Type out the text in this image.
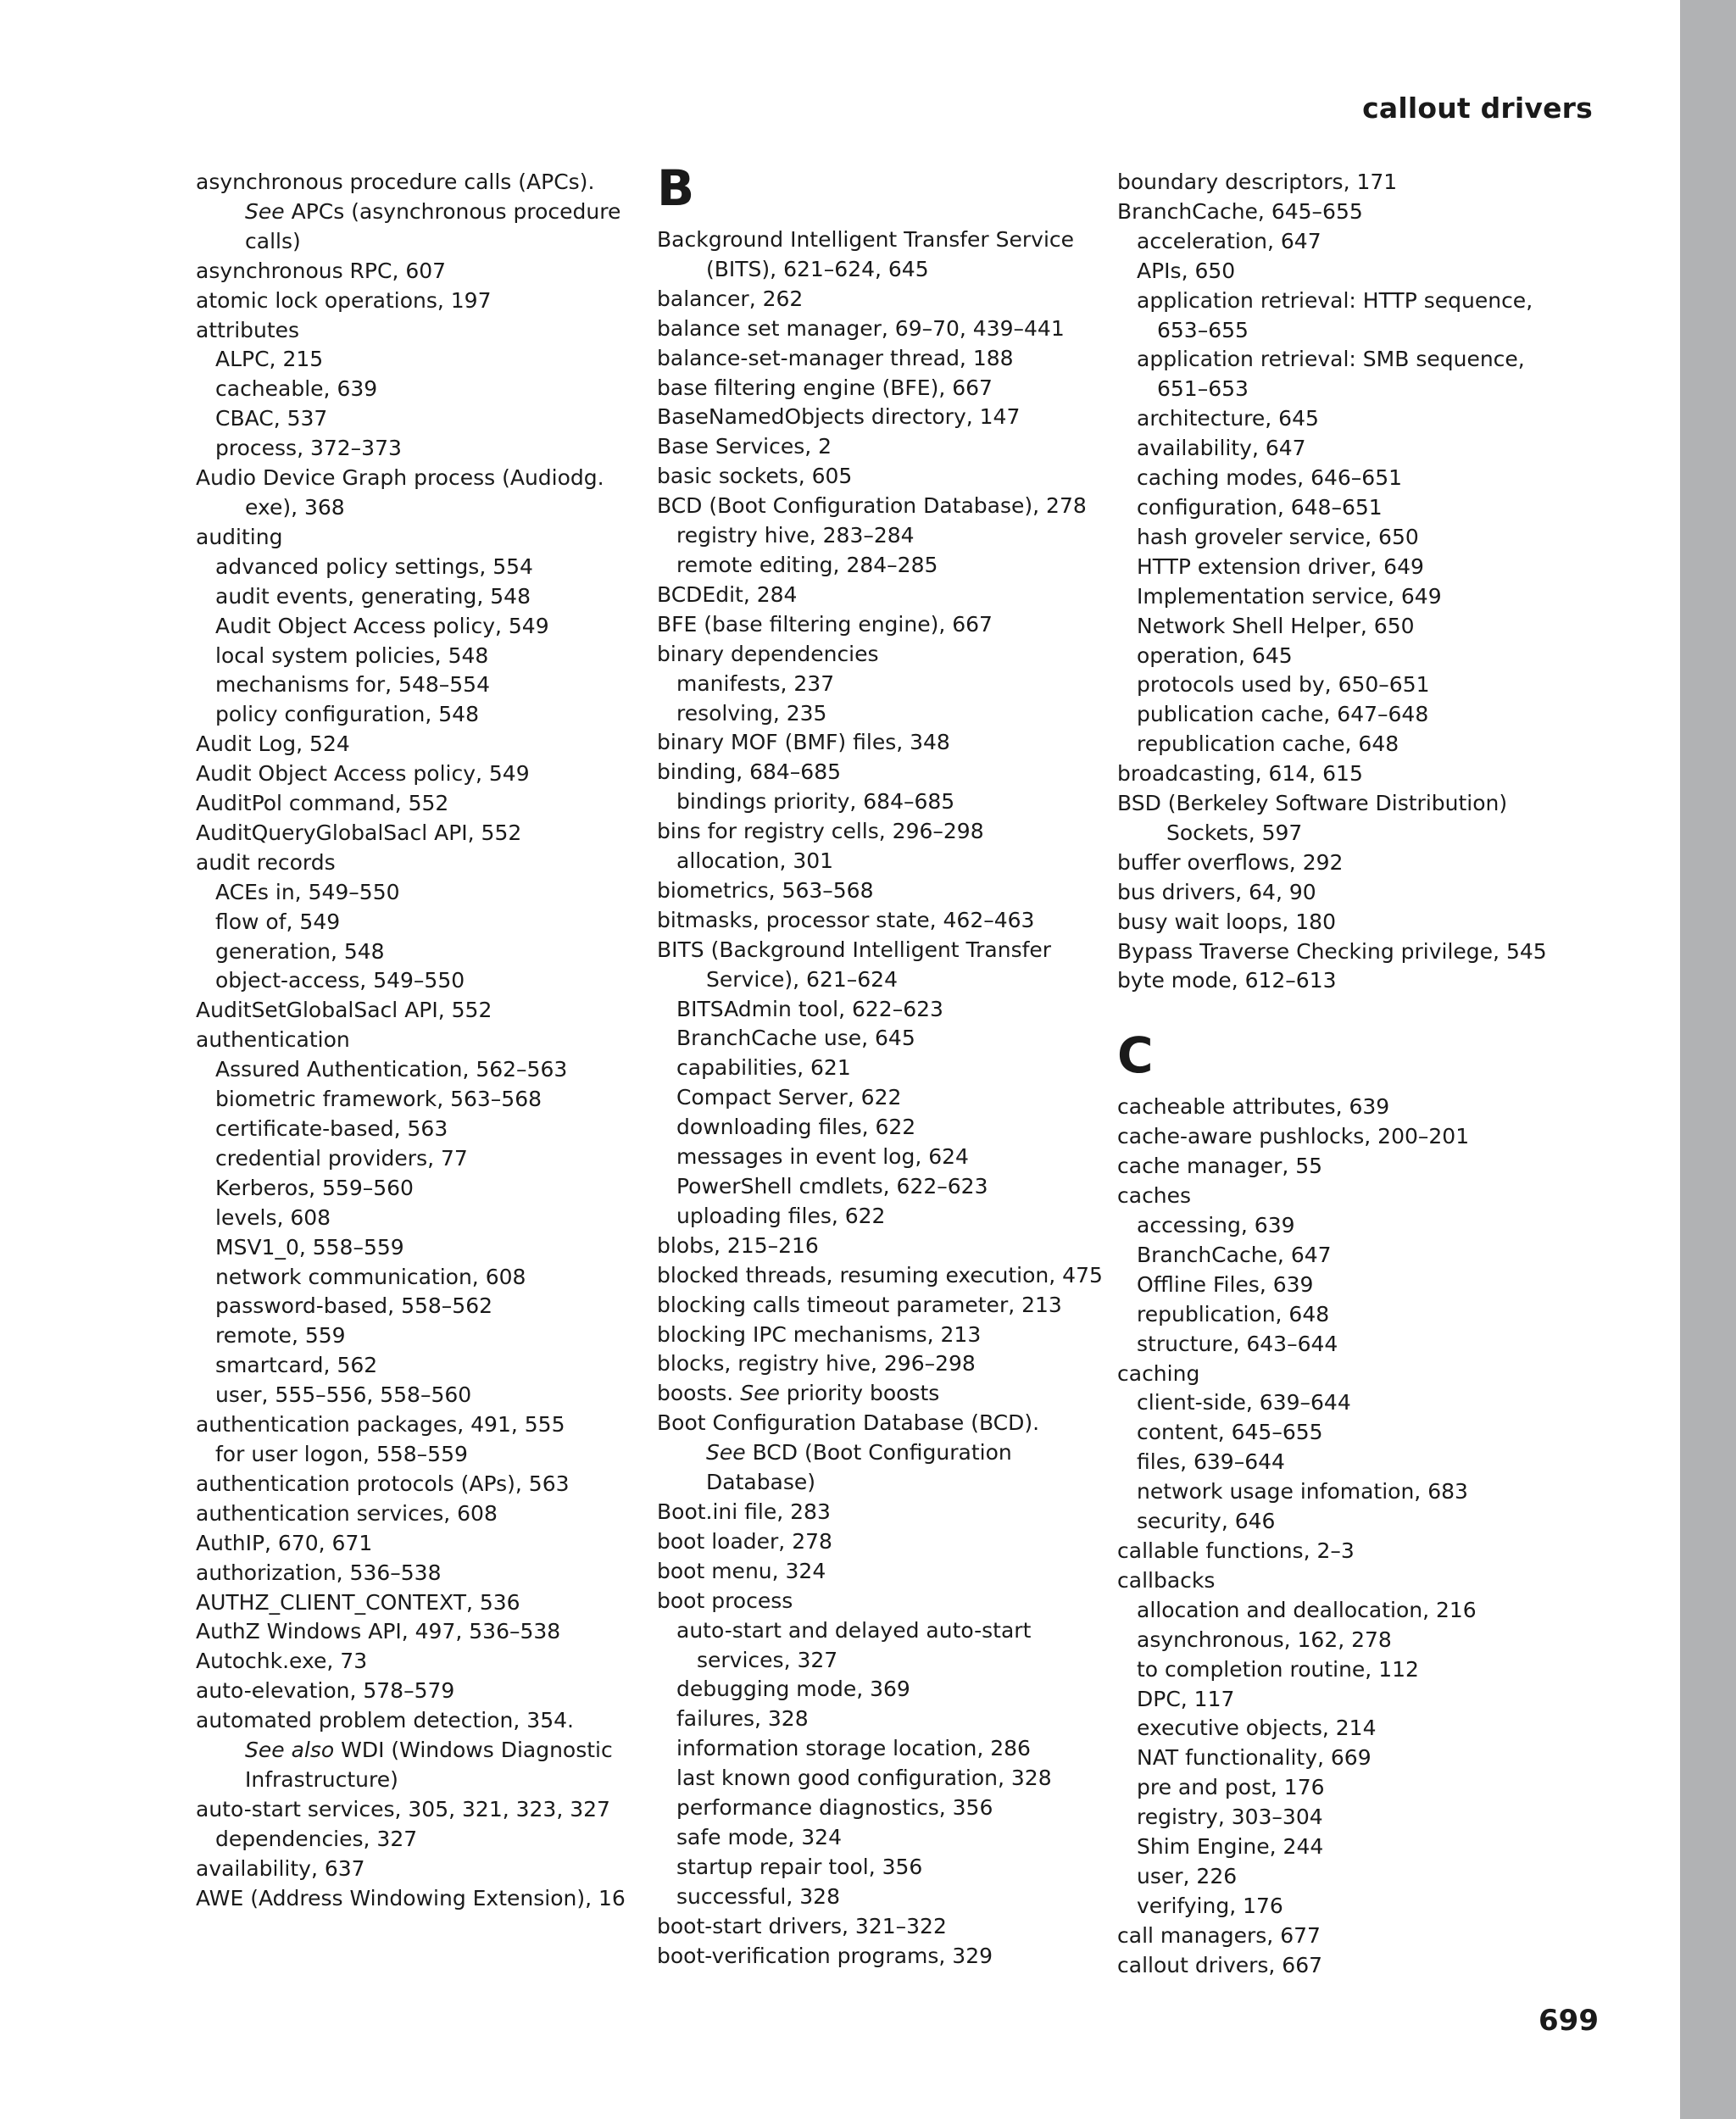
callout drivers
asynchronous procedure calls (APCs).
See APCs (asynchronous procedure
calls)
asynchronous RPC, 607
atomic lock operations, 197
attributes
ALPC, 215
cacheable, 639
CBAC, 537
process, 372–373
Audio Device Graph process (Audiodg.
exe), 368
auditing
advanced policy settings, 554
audit events, generating, 548
Audit Object Access policy, 549
local system policies, 548
mechanisms for, 548–554
policy configuration, 548
Audit Log, 524
Audit Object Access policy, 549
AuditPol command, 552
AuditQueryGlobalSacl API, 552
audit records
ACEs in, 549–550
flow of, 549
generation, 548
object-access, 549–550
AuditSetGlobalSacl API, 552
authentication
Assured Authentication, 562–563
biometric framework, 563–568
certificate-based, 563
credential providers, 77
Kerberos, 559–560
levels, 608
MSV1_0, 558–559
network communication, 608
password-based, 558–562
remote, 559
smartcard, 562
user, 555–556, 558–560
authentication packages, 491, 555
for user logon, 558–559
authentication protocols (APs), 563
authentication services, 608
AuthIP, 670, 671
authorization, 536–538
AUTHZ_CLIENT_CONTEXT, 536
AuthZ Windows API, 497, 536–538
Autochk.exe, 73
auto-elevation, 578–579
automated problem detection, 354.
See also WDI (Windows Diagnostic
Infrastructure)
auto-start services, 305, 321, 323, 327
dependencies, 327
availability, 637
AWE (Address Windowing Extension), 16
B
Background Intelligent Transfer Service
(BITS), 621–624, 645
balancer, 262
balance set manager, 69–70, 439–441
balance-set-manager thread, 188
base filtering engine (BFE), 667
BaseNamedObjects directory, 147
Base Services, 2
basic sockets, 605
BCD (Boot Configuration Database), 278
registry hive, 283–284
remote editing, 284–285
BCDEdit, 284
BFE (base filtering engine), 667
binary dependencies
manifests, 237
resolving, 235
binary MOF (BMF) files, 348
binding, 684–685
bindings priority, 684–685
bins for registry cells, 296–298
allocation, 301
biometrics, 563–568
bitmasks, processor state, 462–463
BITS (Background Intelligent Transfer
Service), 621–624
BITSAdmin tool, 622–623
BranchCache use, 645
capabilities, 621
Compact Server, 622
downloading files, 622
messages in event log, 624
PowerShell cmdlets, 622–623
uploading files, 622
blobs, 215–216
blocked threads, resuming execution, 475
blocking calls timeout parameter, 213
blocking IPC mechanisms, 213
blocks, registry hive, 296–298
boosts. See priority boosts
Boot Configuration Database (BCD).
See BCD (Boot Configuration
Database)
Boot.ini file, 283
boot loader, 278
boot menu, 324
boot process
auto-start and delayed auto-start
services, 327
debugging mode, 369
failures, 328
information storage location, 286
last known good configuration, 328
performance diagnostics, 356
safe mode, 324
startup repair tool, 356
successful, 328
boot-start drivers, 321–322
boot-verification programs, 329
boundary descriptors, 171
BranchCache, 645–655
acceleration, 647
APIs, 650
application retrieval: HTTP sequence,
653–655
application retrieval: SMB sequence,
651–653
architecture, 645
availability, 647
caching modes, 646–651
configuration, 648–651
hash groveler service, 650
HTTP extension driver, 649
Implementation service, 649
Network Shell Helper, 650
operation, 645
protocols used by, 650–651
publication cache, 647–648
republication cache, 648
broadcasting, 614, 615
BSD (Berkeley Software Distribution)
Sockets, 597
buffer overflows, 292
bus drivers, 64, 90
busy wait loops, 180
Bypass Traverse Checking privilege, 545
byte mode, 612–613
C
cacheable attributes, 639
cache-aware pushlocks, 200–201
cache manager, 55
caches
accessing, 639
BranchCache, 647
Offline Files, 639
republication, 648
structure, 643–644
caching
client-side, 639–644
content, 645–655
files, 639–644
network usage infomation, 683
security, 646
callable functions, 2–3
callbacks
allocation and deallocation, 216
asynchronous, 162, 278
to completion routine, 112
DPC, 117
executive objects, 214
NAT functionality, 669
pre and post, 176
registry, 303–304
Shim Engine, 244
user, 226
verifying, 176
call managers, 677
callout drivers, 667
699
